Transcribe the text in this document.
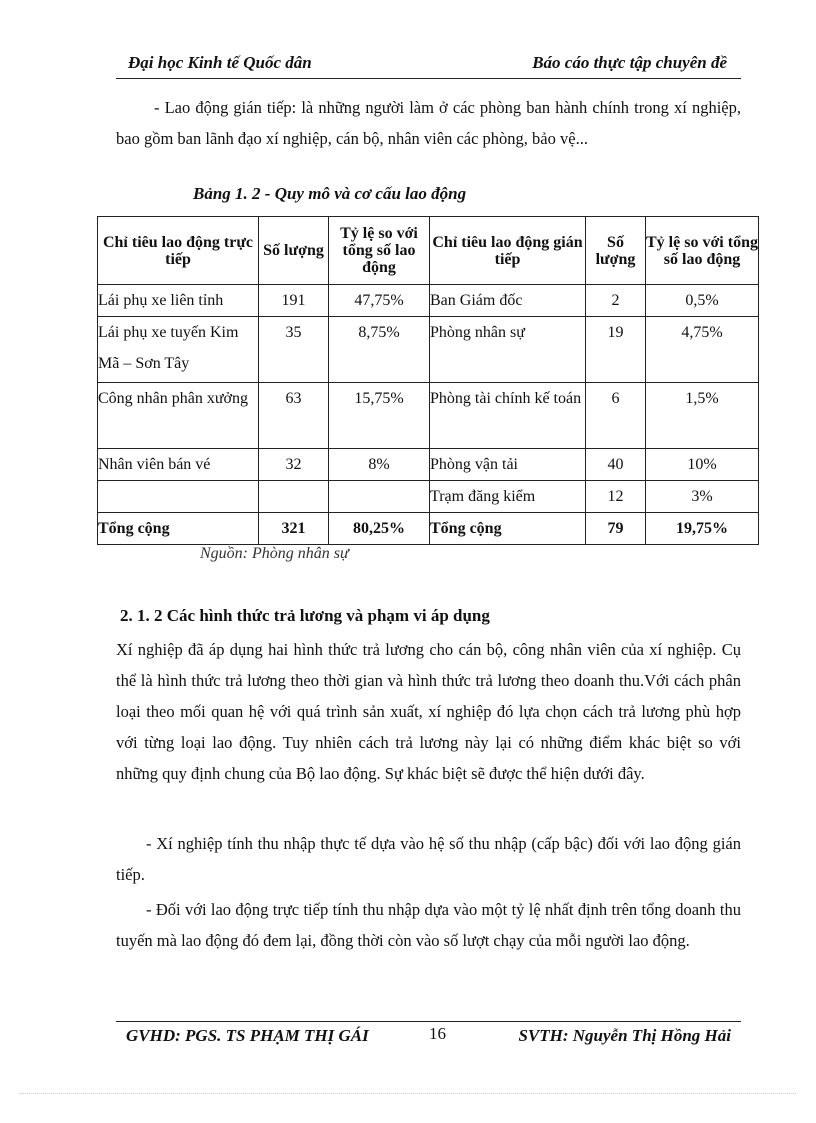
Đại học Kinh tế Quốc dân	Báo cáo thực tập chuyên đề

- Lao động gián tiếp: là những người làm ở các phòng ban hành chính trong xí nghiệp, bao gồm ban lãnh đạo xí nghiệp, cán bộ, nhân viên các phòng, bảo vệ...

Bảng 1. 2 - Quy mô và cơ cấu lao động
Chỉ tiêu lao động trực tiếp	Số lượng	Tỷ lệ so với tổng số lao động	Chỉ tiêu lao động gián tiếp	Số lượng	Tỷ lệ so với tổng số lao động
Lái phụ xe liên tỉnh	191	47,75%	Ban Giám đốc	2	0,5%
Lái phụ xe tuyến Kim Mã – Sơn Tây	35	8,75%	Phòng nhân sự	19	4,75%
Công nhân phân xưởng	63	15,75%	Phòng tài chính kế toán	6	1,5%
Nhân viên bán vé	32	8%	Phòng vận tải	40	10%
			Trạm đăng kiểm	12	3%
Tổng cộng	321	80,25%	Tổng cộng	79	19,75%
Nguồn: Phòng nhân sự
2. 1. 2 Các hình thức trả lương và phạm vi áp dụng

Xí nghiệp đã áp dụng hai hình thức trả lương cho cán bộ, công nhân viên của xí nghiệp. Cụ thể là hình thức trả lương theo thời gian và hình thức trả lương theo doanh thu.Với cách phân loại theo mối quan hệ với quá trình sản xuất, xí nghiệp đó lựa chọn cách trả lương phù hợp với từng loại lao động. Tuy nhiên cách trả lương này lại có những điểm khác biệt so với những quy định chung của Bộ lao động. Sự khác biệt sẽ được thể hiện dưới đây.

- Xí nghiệp tính thu nhập thực tế dựa vào hệ số thu nhập (cấp bậc) đối với lao động gián tiếp.

- Đối với lao động trực tiếp tính thu nhập dựa vào một tỷ lệ nhất định trên tổng doanh thu tuyến mà lao động đó đem lại, đồng thời còn vào số lượt chạy của mỗi người lao động.

GVHD: PGS. TS PHẠM THỊ GÁI	16	SVTH: Nguyễn Thị Hồng Hải
